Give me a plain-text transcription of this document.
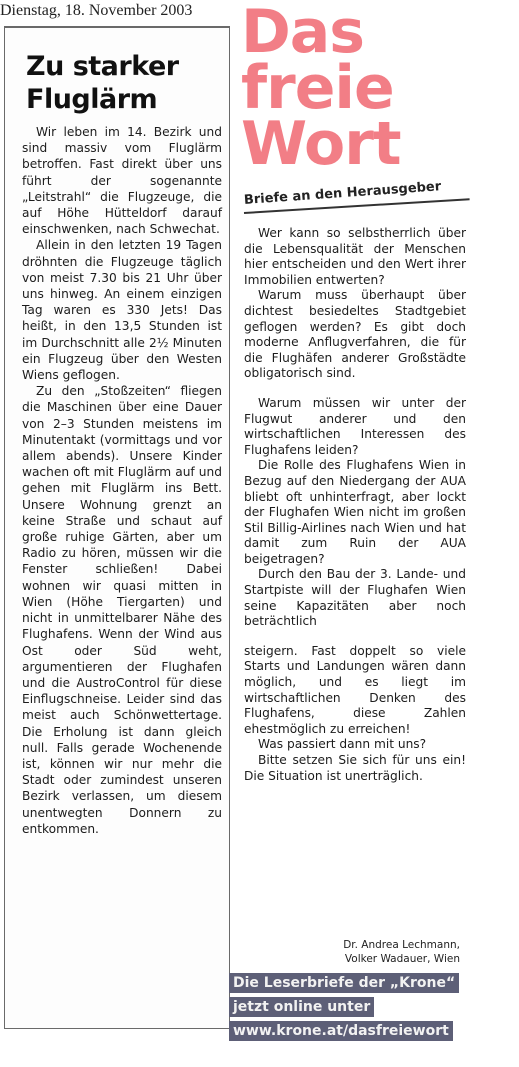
Dienstag, 18. November 2003
Zu starker
Fluglärm

Wir leben im 14. Bezirk und sind massiv vom Fluglärm betroffen. Fast direkt über uns führt der sogenannte „Leitstrahl“ die Flugzeuge, die auf Höhe Hütteldorf darauf einschwenken, nach Schwechat.

Allein in den letzten 19 Tagen dröhnten die Flugzeuge täglich von meist 7.30 bis 21 Uhr über uns hinweg. An einem einzigen Tag waren es 330 Jets! Das heißt, in den 13,5 Stunden ist im Durchschnitt alle 2½ Minuten ein Flugzeug über den Westen Wiens geflogen.

Zu den „Stoßzeiten“ fliegen die Maschinen über eine Dauer von 2–3 Stunden meistens im Minutentakt (vormittags und vor allem abends). Unsere Kinder wachen oft mit Fluglärm auf und gehen mit Fluglärm ins Bett. Unsere Wohnung grenzt an keine Straße und schaut auf große ruhige Gärten, aber um Radio zu hören, müssen wir die Fenster schließen! Dabei wohnen wir quasi mitten in Wien (Höhe Tiergarten) und nicht in unmittelbarer Nähe des Flughafens. Wenn der Wind aus Ost oder Süd weht, argumentieren der Flughafen und die AustroControl für diese Einflugschneise. Leider sind das meist auch Schönwettertage. Die Erholung ist dann gleich null. Falls gerade Wochenende ist, können wir nur mehr die Stadt oder zumindest unseren Bezirk verlassen, um diesem unentwegten Donnern zu entkommen.

Das
freie
Wort
Briefe an den Herausgeber

Wer kann so selbstherrlich über die Lebensqualität der Menschen hier entscheiden und den Wert ihrer Immobilien entwerten?

Warum muss überhaupt über dichtest besiedeltes Stadtgebiet geflogen werden? Es gibt doch moderne Anflugverfahren, die für die Flughäfen anderer Großstädte obligatorisch sind.

Warum müssen wir unter der Flugwut anderer und den wirtschaftlichen Interessen des Flughafens leiden?

Die Rolle des Flughafens Wien in Bezug auf den Niedergang der AUA bliebt oft unhinterfragt, aber lockt der Flughafen Wien nicht im großen Stil Billig-Airlines nach Wien und hat damit zum Ruin der AUA beigetragen?

Durch den Bau der 3. Lande- und Startpiste will der Flughafen Wien seine Kapazitäten aber noch beträchtlich

steigern. Fast doppelt so viele Starts und Landungen wären dann möglich, und es liegt im wirtschaftlichen Denken des Flughafens, diese Zahlen ehestmöglich zu erreichen!

Was passiert dann mit uns?

Bitte setzen Sie sich für uns ein! Die Situation ist unerträglich.

Dr. Andrea Lechmann,
Volker Wadauer, Wien
Die Leserbriefe der „Krone“
jetzt online unter
www.krone.at/dasfreiewort
